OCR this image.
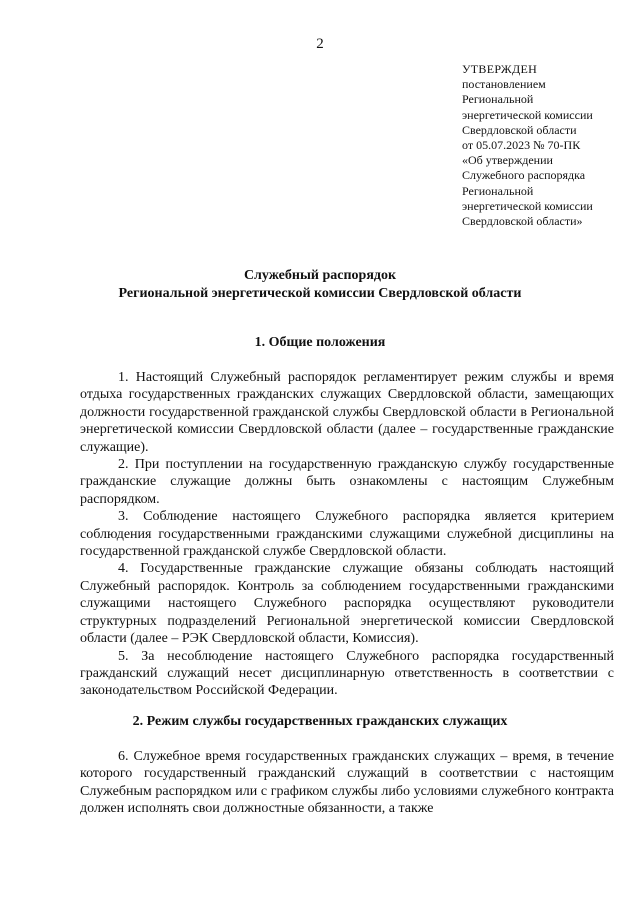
2
УТВЕРЖДЕН
постановлением
Региональной
энергетической комиссии
Свердловской области
от 05.07.2023 № 70-ПК
«Об утверждении
Служебного распорядка
Региональной
энергетической комиссии
Свердловской области»
Служебный распорядок
Региональной энергетической комиссии Свердловской области
1. Общие положения

1. Настоящий Служебный распорядок регламентирует режим службы и время отдыха государственных гражданских служащих Свердловской области, замещающих должности государственной гражданской службы Свердловской области в Региональной энергетической комиссии Свердловской области (далее – государственные гражданские служащие).

2. При поступлении на государственную гражданскую службу государственные гражданские служащие должны быть ознакомлены с настоящим Служебным распорядком.

3. Соблюдение настоящего Служебного распорядка является критерием соблюдения государственными гражданскими служащими служебной дисциплины на государственной гражданской службе Свердловской области.

4. Государственные гражданские служащие обязаны соблюдать настоящий Служебный распорядок. Контроль за соблюдением государственными гражданскими служащими настоящего Служебного распорядка осуществляют руководители структурных подразделений Региональной энергетической комиссии Свердловской области (далее – РЭК Свердловской области, Комиссия).

5. За несоблюдение настоящего Служебного распорядка государственный гражданский служащий несет дисциплинарную ответственность в соответствии с законодательством Российской Федерации.

2. Режим службы государственных гражданских служащих

6. Служебное время государственных гражданских служащих – время, в течение которого государственный гражданский служащий в соответствии с настоящим Служебным распорядком или с графиком службы либо условиями служебного контракта должен исполнять свои должностные обязанности, а также
